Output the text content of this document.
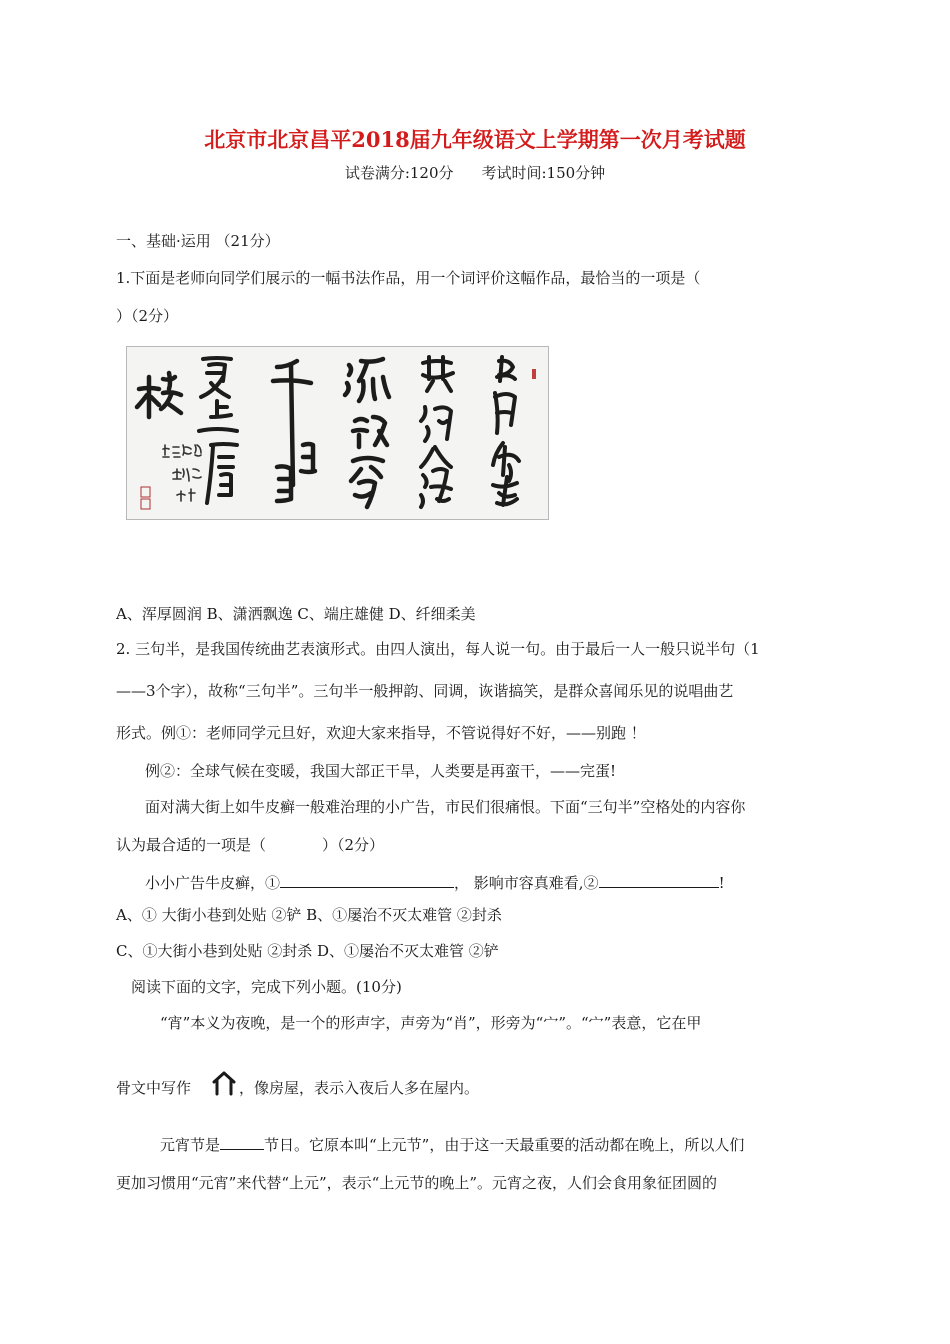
北京市北京昌平2018届九年级语文上学期第一次月考试题
试卷满分:120分 考试时间:150分钟
一、基础·运用 （21分）
1.下面是老师向同学们展示的一幅书法作品，用一个词评价这幅作品，最恰当的一项是（
）（2分）
A、浑厚圆润 B、潇洒飘逸 C、端庄雄健 D、纤细柔美
2. 三句半，是我国传统曲艺表演形式。由四人演出，每人说一句。由于最后一人一般只说半句（1
——3个字），故称“三句半”。三句半一般押韵、同调，诙谐搞笑，是群众喜闻乐见的说唱曲艺
形式。例①：老师同学元旦好，欢迎大家来指导，不管说得好不好，——别跑 ！
例②：全球气候在变暖，我国大部正干旱，人类要是再蛮干，——完蛋!
面对满大街上如牛皮癣一般难治理的小广告，市民们很痛恨。下面“三句半”空格处的内容你
认为最合适的一项是（	）（2分）
小小广告牛皮癣，①	， 影响市容真难看,②	!
A、① 大街小巷到处贴 ②铲 B、①屡治不灭太难管 ②封杀
C、①大街小巷到处贴 ②封杀 D、①屡治不灭太难管 ②铲
阅读下面的文字，完成下列小题。(10分)
“宵”本义为夜晚，是一个的形声字，声旁为“肖”，形旁为“宀”。“宀”表意，它在甲
骨文中写作	，像房屋，表示入夜后人多在屋内。
元宵节是	节日。它原本叫“上元节”，由于这一天最重要的活动都在晚上，所以人们
更加习惯用“元宵”来代替“上元”，表示“上元节的晚上”。元宵之夜，人们会食用象征团圆的
